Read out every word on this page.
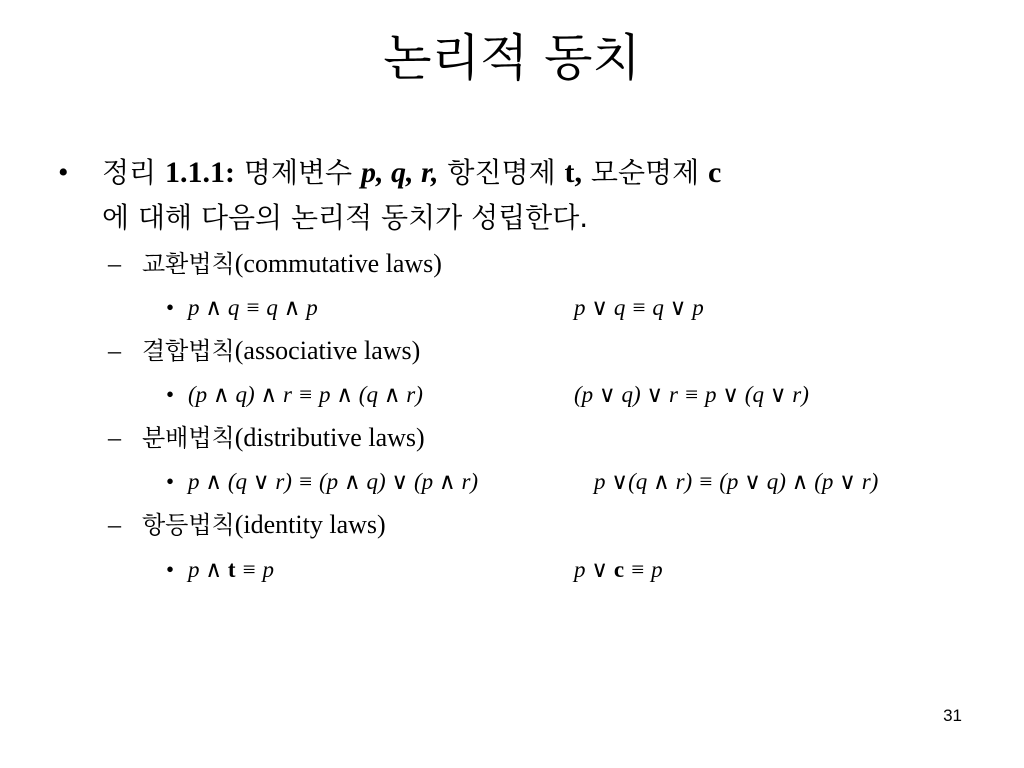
논리적 동치
•	정리 1.1.1: 명제변수 p, q, r, 항진명제 t, 모순명제 c
에 대해 다음의 논리적 동치가 성립한다.
– 교환법칙(commutative laws)
• p ∧ q ≡ q ∧ p	p ∨ q ≡ q ∨ p
– 결합법칙(associative laws)
• (p ∧ q) ∧ r ≡ p ∧ (q ∧ r)	(p ∨ q) ∨ r ≡ p ∨ (q ∨ r)
– 분배법칙(distributive laws)
• p ∧ (q ∨ r) ≡ (p ∧ q) ∨ (p ∧ r)	p ∨(q ∧ r) ≡ (p ∨ q) ∧ (p ∨ r)
– 항등법칙(identity laws)
• p ∧ t ≡ p	p ∨ c ≡ p
31
